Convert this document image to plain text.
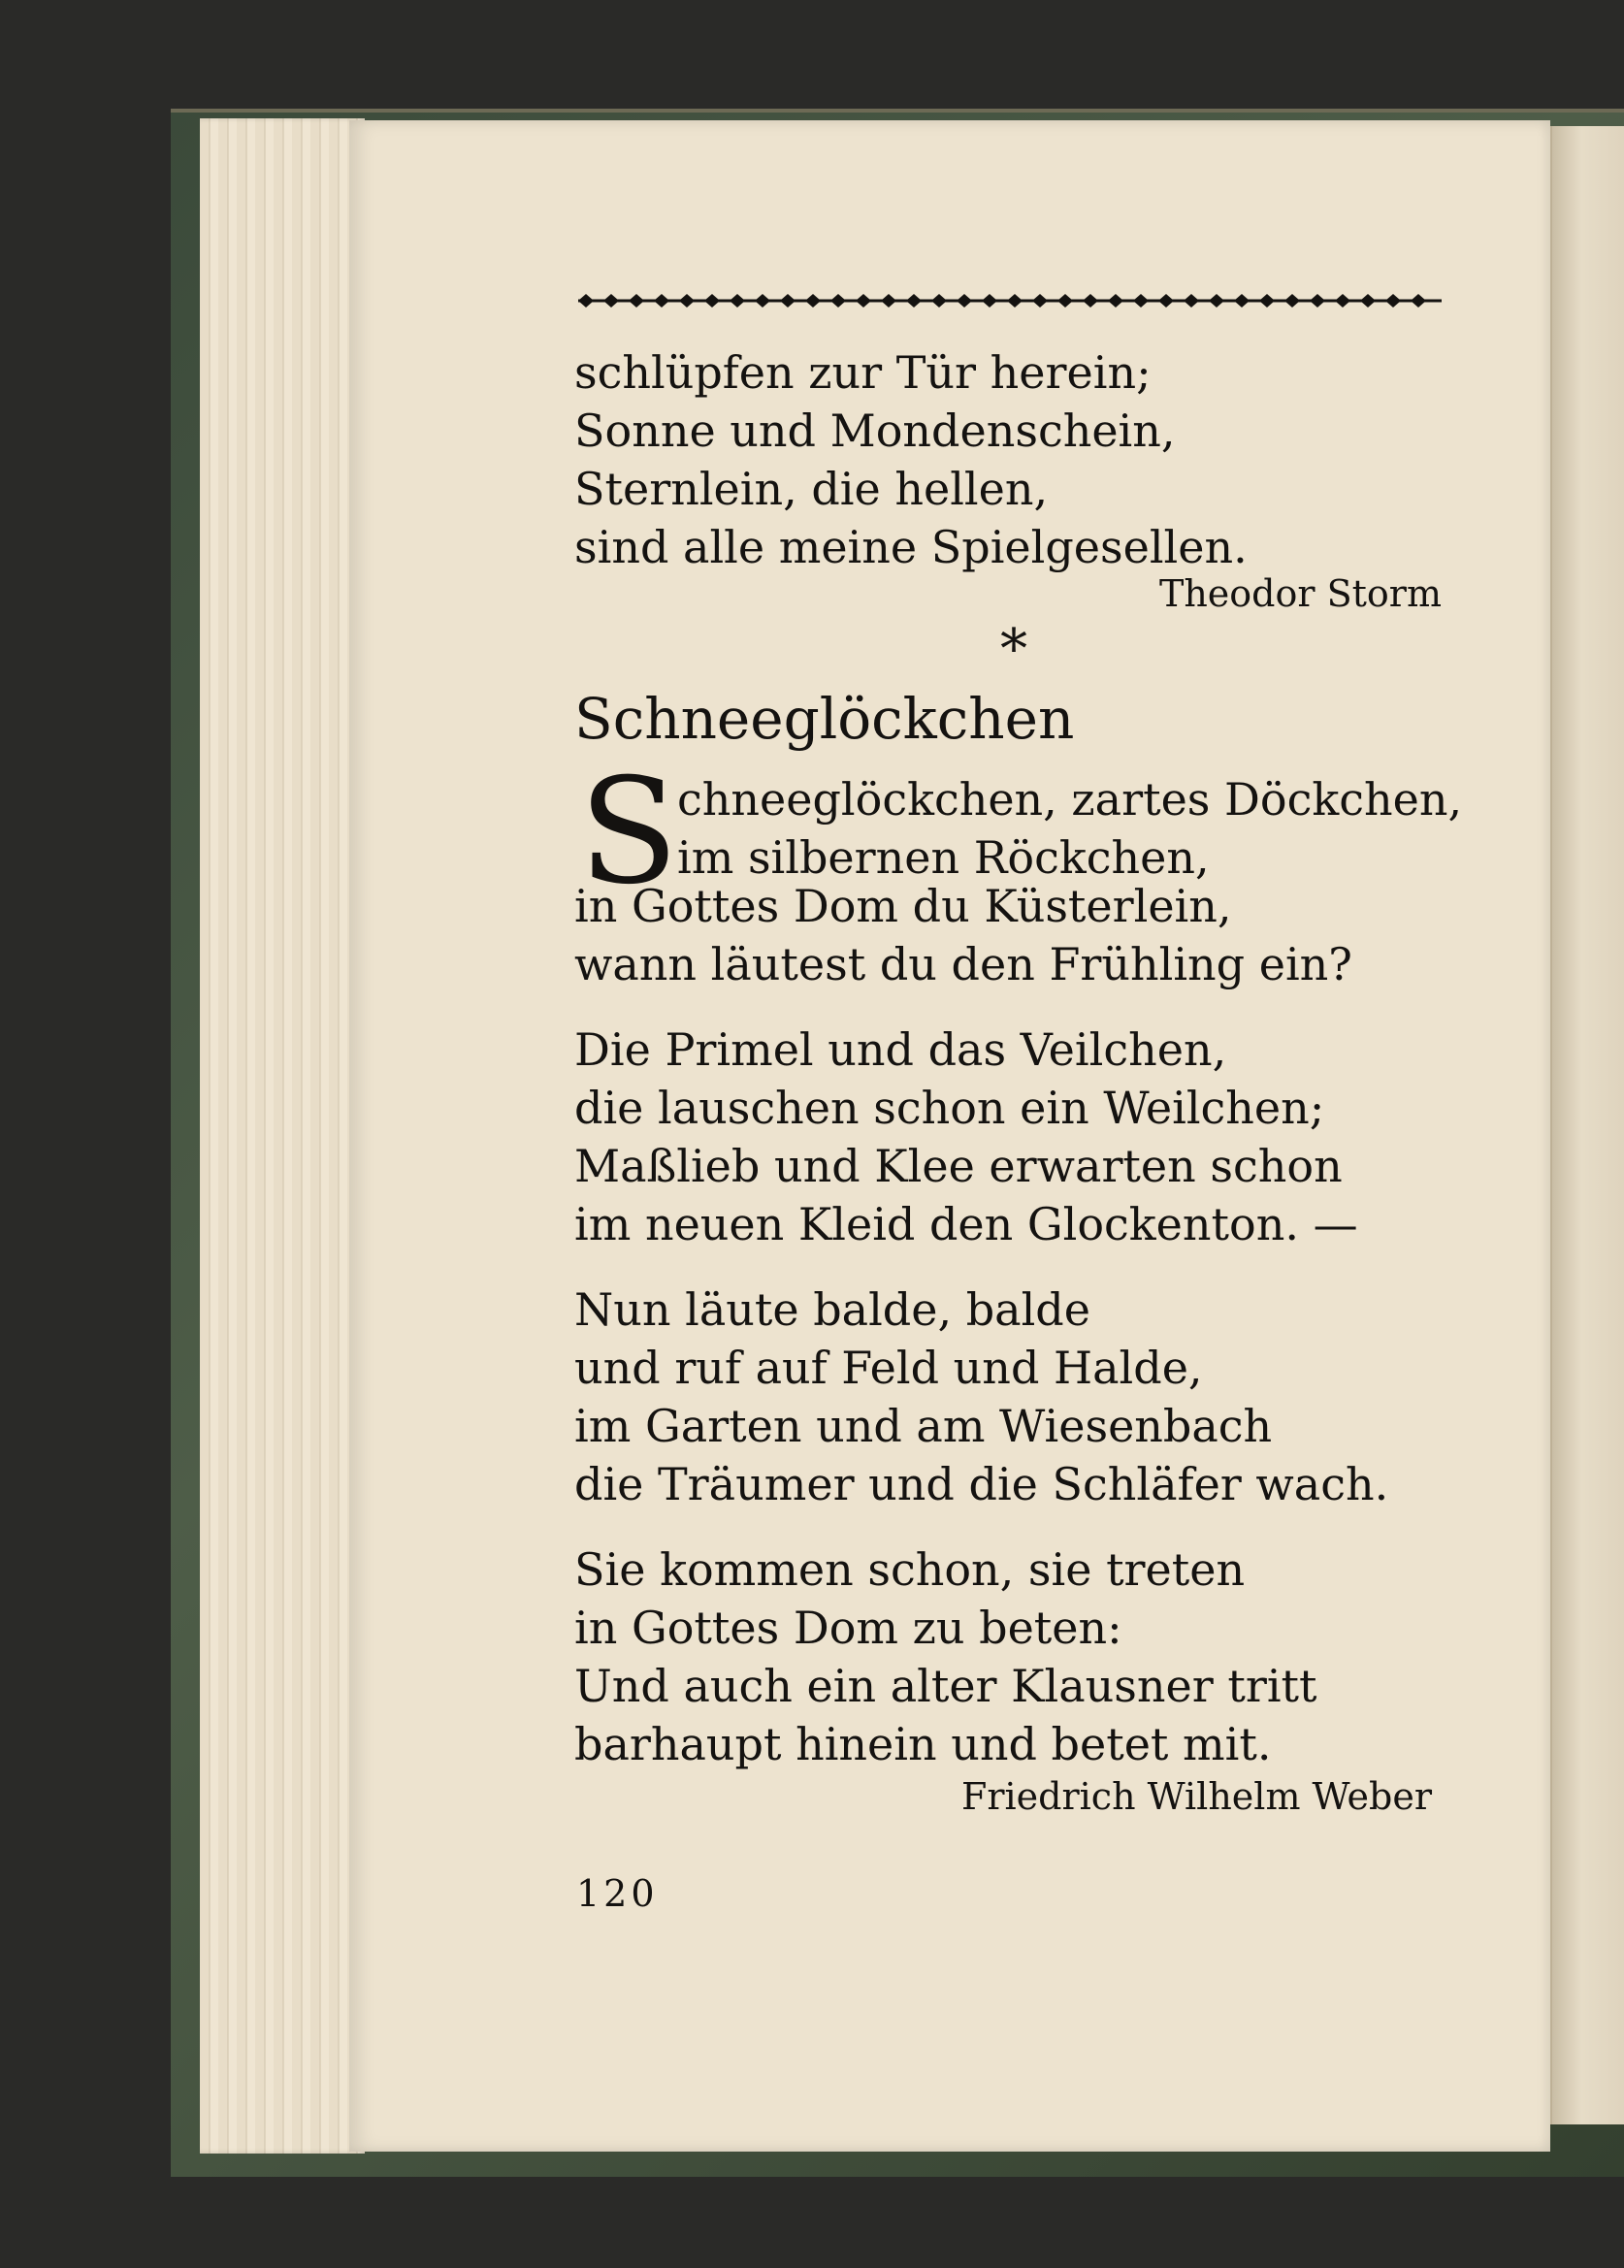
schlüpfen zur Tür herein;
Sonne und Mondenschein,
Sternlein, die hellen,
sind alle meine Spielgesellen.
Theodor Storm
*
Schneeglöckchen
S
chneeglöckchen, zartes Döckchen,
im silbernen Röckchen,
in Gottes Dom du Küsterlein,
wann läutest du den Frühling ein?
Die Primel und das Veilchen,
die lauschen schon ein Weilchen;
Maßlieb und Klee erwarten schon
im neuen Kleid den Glockenton. —
Nun läute balde, balde
und ruf auf Feld und Halde,
im Garten und am Wiesenbach
die Träumer und die Schläfer wach.
Sie kommen schon, sie treten
in Gottes Dom zu beten:
Und auch ein alter Klausner tritt
barhaupt hinein und betet mit.
Friedrich Wilhelm Weber
120
